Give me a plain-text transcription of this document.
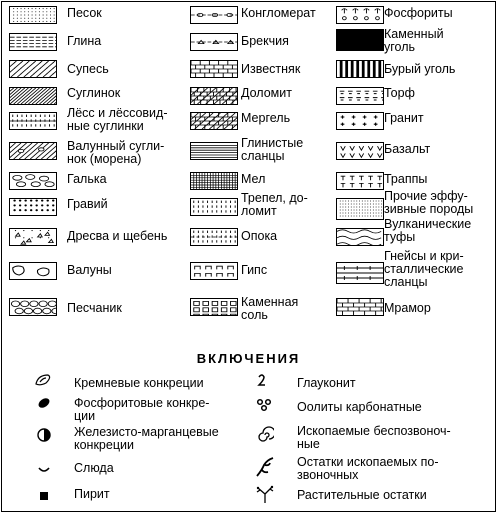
Песок
Глина
Супесь
Суглинок
Лёсс и лёссовид-
ные суглинки
Валунный сугли-
нок (морена)
Галька
Гравий
Дресва и щебень
Валуны
Песчаник
Конгломерат
Брекчия
Известняк
Доломит
Мергель
Глинистые
сланцы
Мел
Трепел, до-
ломит
Опока
Гипс
Каменная
соль
Фосфориты
Каменный
уголь
Бурый уголь
Торф
Гранит
Базальт
Траппы
Прочие эффу-
зивные породы
Вулканические
туфы
Гнейсы и кри-
сталлические
сланцы
Мрамор
ВКЛЮЧЕНИЯ
Кремневые конкреции
Фосфоритовые конкре-
ции
Железисто-марганцевые
конкреции
Слюда
Пирит
Глауконит
Оолиты карбонатные
Ископаемые беспозвоноч-
ные
Остатки ископаемых по-
звоночных
Растительные остатки
